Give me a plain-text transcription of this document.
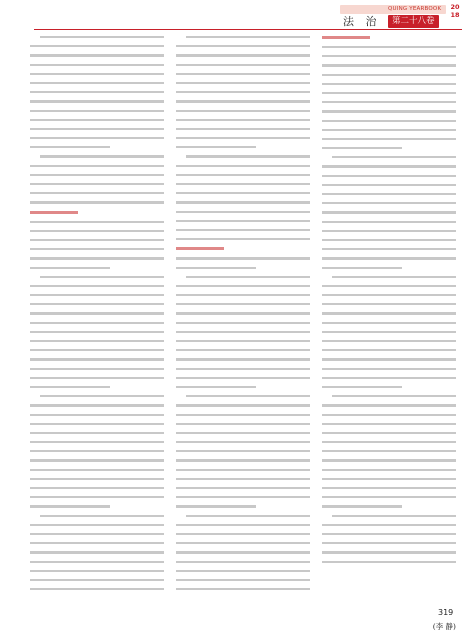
QUING YEARBOOK	20
18
法 治	第二十八卷
(李 静)
319
